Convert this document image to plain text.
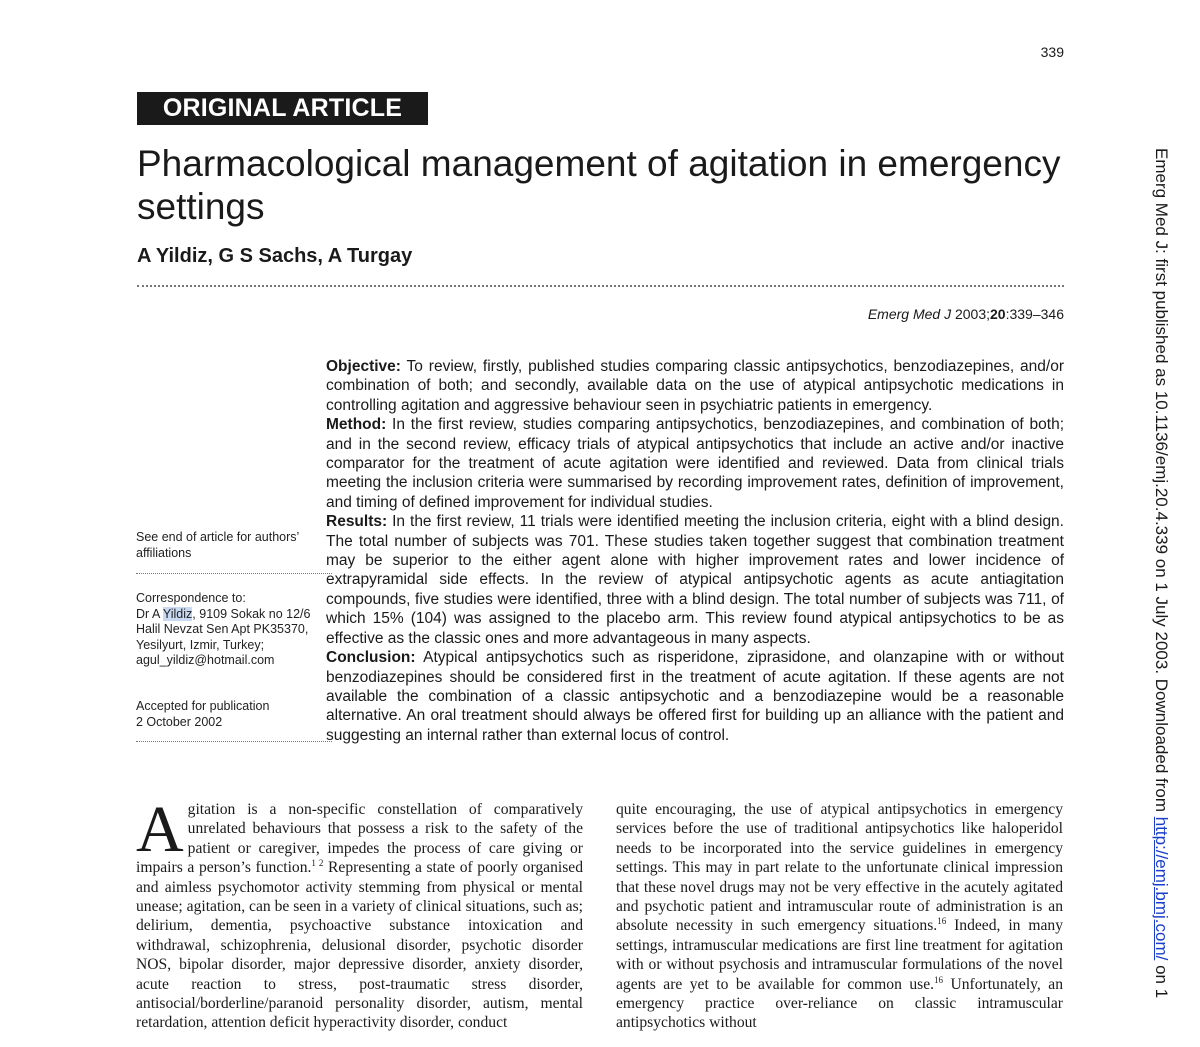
339
ORIGINAL ARTICLE
Pharmacological management of agitation in emergency settings
A Yildiz, G S Sachs, A Turgay
Emerg Med J 2003;20:339–346
See end of article for authors’ affiliations
Correspondence to:
Dr A Yildiz, 9109 Sokak no 12/6 Halil Nevzat Sen Apt PK35370, Yesilyurt, Izmir, Turkey; agul_yildiz@hotmail.com
Accepted for publication
2 October 2002

Objective: To review, firstly, published studies comparing classic antipsychotics, benzodiazepines, and/or combination of both; and secondly, available data on the use of atypical antipsychotic medications in controlling agitation and aggressive behaviour seen in psychiatric patients in emergency.

Method: In the first review, studies comparing antipsychotics, benzodiazepines, and combination of both; and in the second review, efficacy trials of atypical antipsychotics that include an active and/or inactive comparator for the treatment of acute agitation were identified and reviewed. Data from clinical trials meeting the inclusion criteria were summarised by recording improvement rates, definition of improvement, and timing of defined improvement for individual studies.

Results: In the first review, 11 trials were identified meeting the inclusion criteria, eight with a blind design. The total number of subjects was 701. These studies taken together suggest that combination treatment may be superior to the either agent alone with higher improvement rates and lower incidence of extrapyramidal side effects. In the review of atypical antipsychotic agents as acute antiagitation compounds, five studies were identified, three with a blind design. The total number of subjects was 711, of which 15% (104) was assigned to the placebo arm. This review found atypical antipsychotics to be as effective as the classic ones and more advantageous in many aspects.

Conclusion: Atypical antipsychotics such as risperidone, ziprasidone, and olanzapine with or without benzodiazepines should be considered first in the treatment of acute agitation. If these agents are not available the combination of a classic antipsychotic and a benzodiazepine would be a reasonable alternative. An oral treatment should always be offered first for building up an alliance with the patient and suggesting an internal rather than external locus of control.

Agitation is a non-specific constellation of comparatively unrelated behaviours that possess a risk to the safety of the patient or caregiver, impedes the process of care giving or impairs a person’s function.$^{1 2}$ Representing a state of poorly organised and aimless psychomotor activity stemming from physical or mental unease; agitation, can be seen in a variety of clinical situations, such as; delirium, dementia, psychoactive substance intoxication and withdrawal, schizophrenia, delusional disorder, psychotic disorder NOS, bipolar disorder, major depressive disorder, anxiety disorder, acute reaction to stress, post-traumatic stress disorder, antisocial/borderline/paranoid personality disorder, autism, mental retardation, attention deficit hyperactivity disorder, conduct

quite encouraging, the use of atypical antipsychotics in emergency services before the use of traditional antipsychotics like haloperidol needs to be incorporated into the service guidelines in emergency settings. This may in part relate to the unfortunate clinical impression that these novel drugs may not be very effective in the acutely agitated and psychotic patient and intramuscular route of administration is an absolute necessity in such emergency situations.$^{16}$ Indeed, in many settings, intramuscular medications are first line treatment for agitation with or without psychosis and intramuscular formulations of the novel agents are yet to be available for common use.$^{16}$ Unfortunately, an emergency practice over-reliance on classic intramuscular antipsychotics without

Emerg Med J: first published as 10.1136/emj.20.4.339 on 1 July 2003. Downloaded from http://emj.bmj.com/ on 1
